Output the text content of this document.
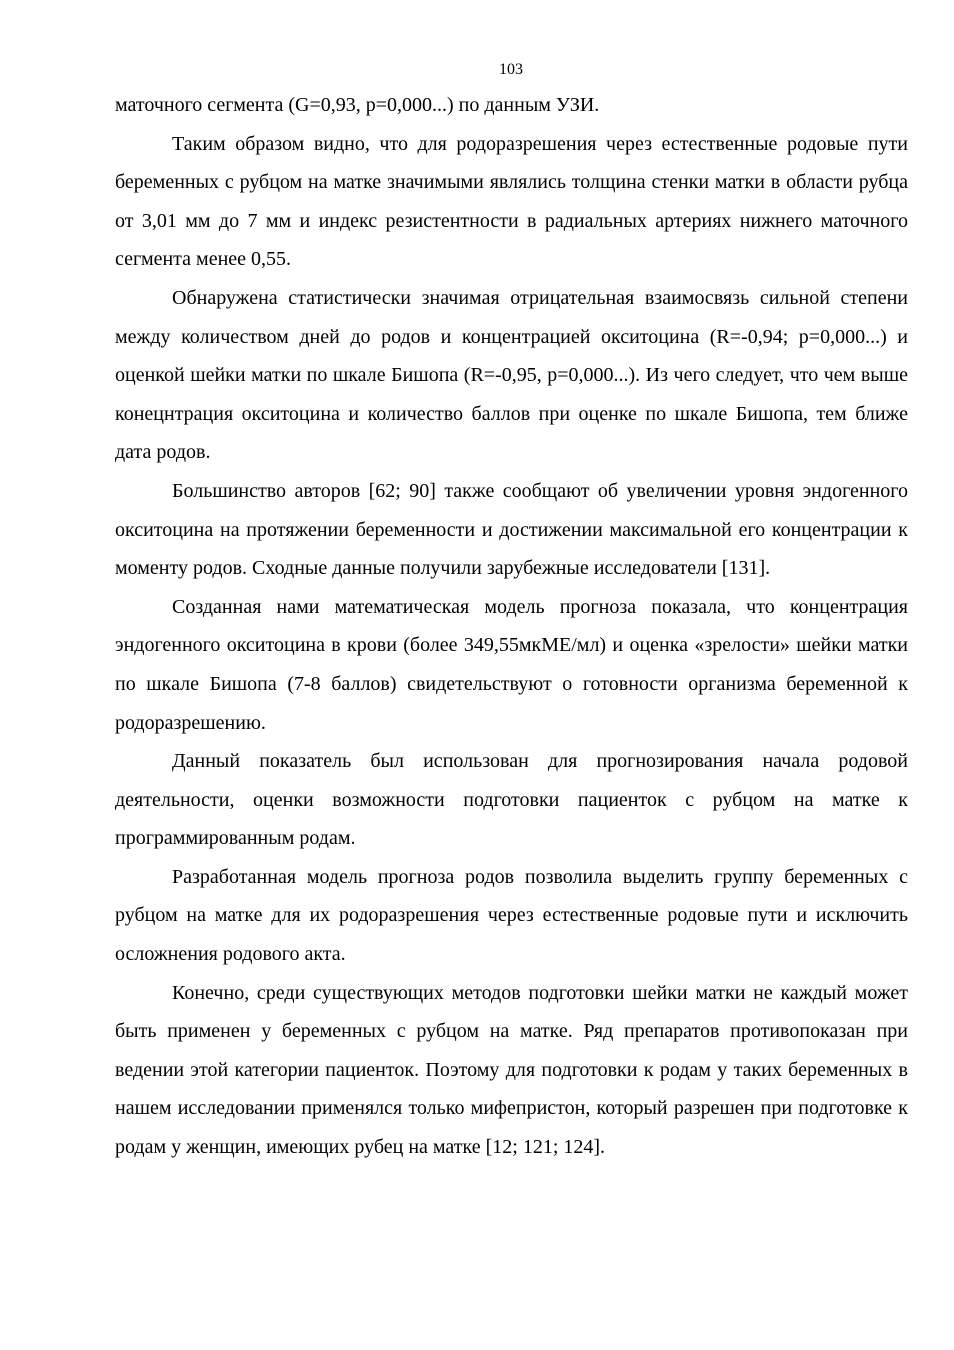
103

маточного сегмента (G=0,93, p=0,000...) по данным УЗИ.

Таким образом видно, что для родоразрешения через естественные родовые пути беременных с рубцом на матке значимыми являлись толщина стенки матки в области рубца от 3,01 мм до 7 мм и индекс резистентности в радиальных артериях нижнего маточного сегмента менее 0,55.

Обнаружена статистически значимая отрицательная взаимосвязь сильной степени между количеством дней до родов и концентрацией окситоцина (R=-0,94; p=0,000...) и оценкой шейки матки по шкале Бишопа (R=-0,95, p=0,000...). Из чего следует, что чем выше конецнтрация окситоцина и количество баллов при оценке по шкале Бишопа, тем ближе дата родов.

Большинство авторов [62; 90] также сообщают об увеличении уровня эндогенного окситоцина на протяжении беременности и достижении максимальной его концентрации к моменту родов. Сходные данные получили зарубежные исследователи [131].

Созданная нами математическая модель прогноза показала, что концентрация эндогенного окситоцина в крови (более 349,55мкМЕ/мл) и оценка «зрелости» шейки матки по шкале Бишопа (7-8 баллов) свидетельствуют о готовности организма беременной к родоразрешению.

Данный показатель был использован для прогнозирования начала родовой деятельности, оценки возможности подготовки пациенток с рубцом на матке к программированным родам.

Разработанная модель прогноза родов позволила выделить группу беременных с рубцом на матке для их родоразрешения через естественные родовые пути и исключить осложнения родового акта.

Конечно, среди существующих методов подготовки шейки матки не каждый может быть применен у беременных с рубцом на матке. Ряд препаратов противопоказан при ведении этой категории пациенток. Поэтому для подготовки к родам у таких беременных в нашем исследовании применялся только мифепристон, который разрешен при подготовке к родам у женщин, имеющих рубец на матке [12; 121; 124].
